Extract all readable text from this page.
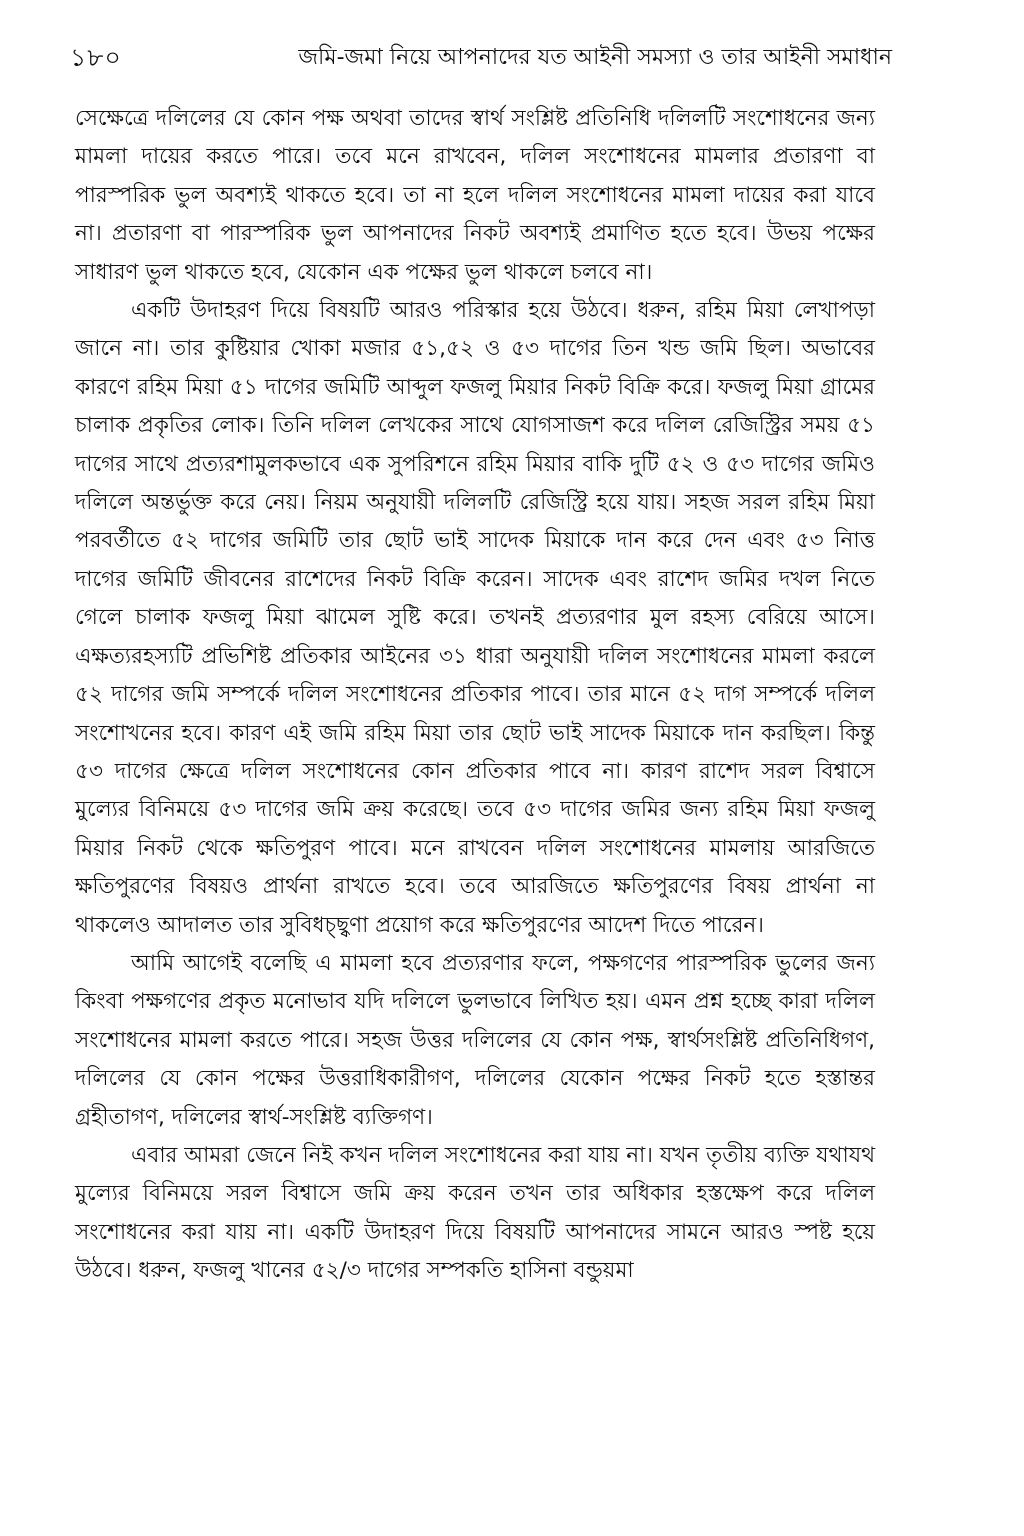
১৮০	জমি-জমা নিয়ে আপনাদের যত আইনী সমস্যা ও তার আইনী সমাধান

সেক্ষেত্রে দলিলের যে কোন পক্ষ অথবা তাদের স্বার্থ সংশ্লিষ্ট প্রতিনিধি দলিলটি সংশোধনের জন্য মামলা দায়ের করতে পারে। তবে মনে রাখবেন, দলিল সংশোধনের মামলার প্রতারণা বা পারস্পরিক ভুল অবশ্যই থাকতে হবে। তা না হলে দলিল সংশোধনের মামলা দায়ের করা যাবে না। প্রতারণা বা পারস্পরিক ভুল আপনাদের নিকট অবশ্যই প্রমাণিত হতে হবে। উভয় পক্ষের সাধারণ ভুল থাকতে হবে, যেকোন এক পক্ষের ভুল থাকলে চলবে না।

একটি উদাহরণ দিয়ে বিষয়টি আরও পরিস্কার হয়ে উঠবে। ধরুন, রহিম মিয়া লেখাপড়া জানে না। তার কুষ্টিয়ার খোকা মজার ৫১,৫২ ও ৫৩ দাগের তিন খন্ড জমি ছিল। অভাবের কারণে রহিম মিয়া ৫১ দাগের জমিটি আব্দুল ফজলু মিয়ার নিকট বিক্রি করে। ফজলু মিয়া গ্রামের চালাক প্রকৃতির লোক। তিনি দলিল লেখকের সাথে যোগসাজশ করে দলিল রেজিস্ট্রির সময় ৫১ দাগের সাথে প্রত্যরশামুলকভাবে এক সুপরিশনে রহিম মিয়ার বাকি দুটি ৫২ ও ৫৩ দাগের জমিও দলিলে অন্তর্ভুক্ত করে নেয়। নিয়ম অনুযায়ী দলিলটি রেজিস্ট্রি হয়ে যায়। সহজ সরল রহিম মিয়া পরবর্তীতে ৫২ দাগের জমিটি তার ছোট ভাই সাদেক মিয়াকে দান করে দেন এবং ৫৩ নিাত্ত দাগের জমিটি জীবনের রাশেদের নিকট বিক্রি করেন। সাদেক এবং রাশেদ জমির দখল নিতে গেলে চালাক ফজলু মিয়া ঝামেল সুষ্টি করে। তখনই প্রত্যরণার মুল রহস্য বেরিয়ে আসে। এক্ষত্যরহস্যটি প্রভিশিষ্ট প্রতিকার আইনের ৩১ ধারা অনুযায়ী দলিল সংশোধনের মামলা করলে ৫২ দাগের জমি সম্পর্কে দলিল সংশোধনের প্রতিকার পাবে। তার মানে ৫২ দাগ সম্পর্কে দলিল সংশোখনের হবে। কারণ এই জমি রহিম মিয়া তার ছোট ভাই সাদেক মিয়াকে দান করছিল। কিন্তু ৫৩ দাগের ক্ষেত্রে দলিল সংশোধনের কোন প্রতিকার পাবে না। কারণ রাশেদ সরল বিশ্বাসে মুল্যের বিনিময়ে ৫৩ দাগের জমি ক্রয় করেছে। তবে ৫৩ দাগের জমির জন্য রহিম মিয়া ফজলু মিয়ার নিকট থেকে ক্ষতিপুরণ পাবে। মনে রাখবেন দলিল সংশোধনের মামলায় আরজিতে ক্ষতিপুরণের বিষয়ও প্রার্থনা রাখতে হবে। তবে আরজিতে ক্ষতিপুরণের বিষয় প্রার্থনা না থাকলেও আদালত তার সুবিধচ্ছ্বণা প্রয়োগ করে ক্ষতিপুরণের আদেশ দিতে পারেন।

আমি আগেই বলেছি এ মামলা হবে প্রত্যরণার ফলে, পক্ষগণের পারস্পরিক ভুলের জন্য কিংবা পক্ষগণের প্রকৃত মনোভাব যদি দলিলে ভুলভাবে লিখিত হয়। এমন প্রশ্ন হচ্ছে কারা দলিল সংশোধনের মামলা করতে পারে। সহজ উত্তর দলিলের যে কোন পক্ষ, স্বার্থসংশ্লিষ্ট প্রতিনিধিগণ, দলিলের যে কোন পক্ষের উত্তরাধিকারীগণ, দলিলের যেকোন পক্ষের নিকট হতে হস্তান্তর গ্রহীতাগণ, দলিলের স্বার্থ-সংশ্লিষ্ট ব্যক্তিগণ।

এবার আমরা জেনে নিই কখন দলিল সংশোধনের করা যায় না। যখন তৃতীয় ব্যক্তি যথাযথ মুল্যের বিনিময়ে সরল বিশ্বাসে জমি ক্রয় করেন তখন তার অধিকার হস্তক্ষেপ করে দলিল সংশোধনের করা যায় না। একটি উদাহরণ দিয়ে বিষয়টি আপনাদের সামনে আরও স্পষ্ট হয়ে উঠবে। ধরুন, ফজলু খানের ৫২/৩ দাগের সম্পকতি হাসিনা বন্ডুয়মা
